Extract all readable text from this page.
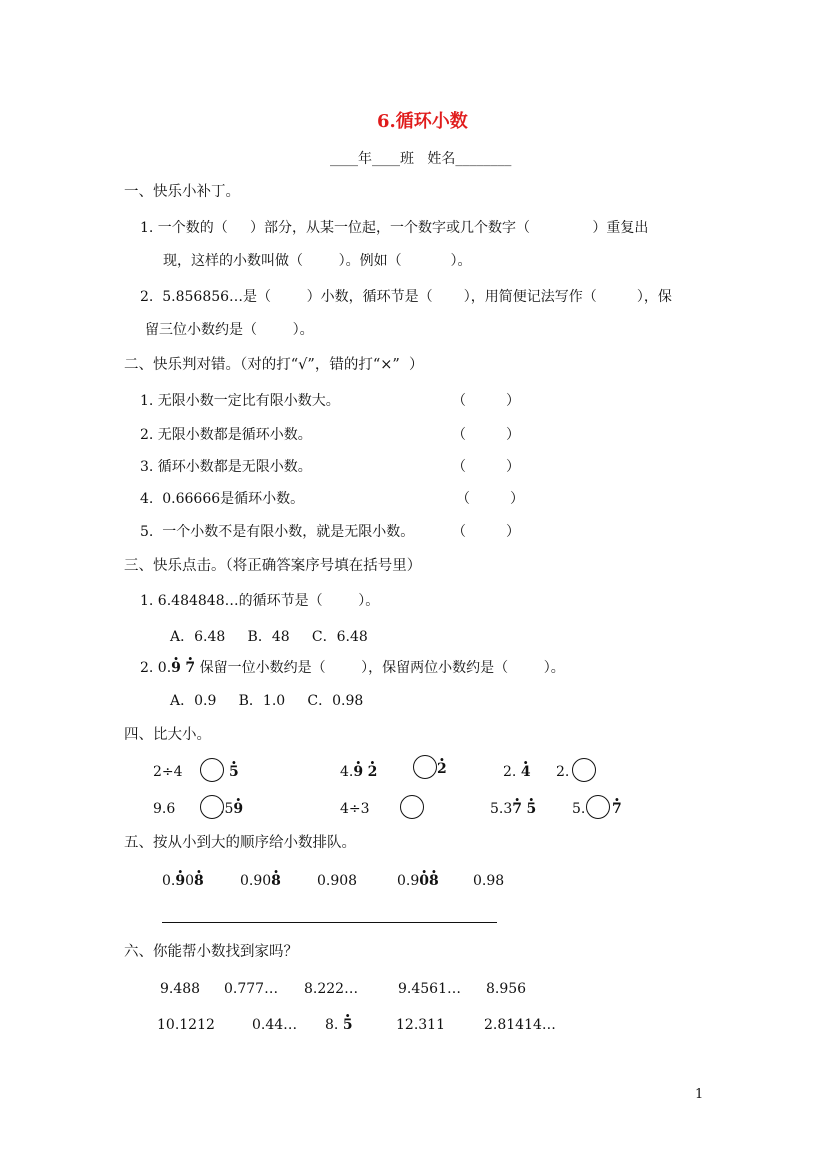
6.循环小数
____年____班   姓名________
一、快乐小补丁。
1. 一个数的（     ）部分，从某一位起，一个数字或几个数字（              ）重复出
现，这样的小数叫做（        ）。例如（           ）。
2.  5.856856…是（        ）小数，循环节是（       ），用简便记法写作（         ），保
留三位小数约是（        ）。
二、快乐判对错。（对的打“√”，错的打“×”  ）
1. 无限小数一定比有限小数大。	（         ）
2. 无限小数都是循环小数。	（         ）
3. 循环小数都是无限小数。	（         ）
4.  0.66666是循环小数。	（         ）
5.  一个小数不是有限小数，就是无限小数。	（         ）
三、快乐点击。（将正确答案序号填在括号里）
1. 6.484848…的循环节是（        ）。
A．6.48     B．48     C．6.48
2. 0.· 9 · 7 保留一位小数约是（        ），保留两位小数约是（        ）。
A．0.9     B．1.0     C．0.98
四、比大小。
2÷4	· 5	4.· 9 · 2	· 2	2. · 4 2.
9.6	.5· 9	4÷3	5.3· 7 · 5	5. · 7
五、按从小到大的顺序给小数排队。
0.· 90· 8	0.90· 8	0.908	0.9· 0· 8 0.98
六、你能帮小数找到家吗？
9.488 0.777… 8.222…	9.4561… 8.956
10.1212	0.44… 8. · 5	12.311	2.81414…
1
